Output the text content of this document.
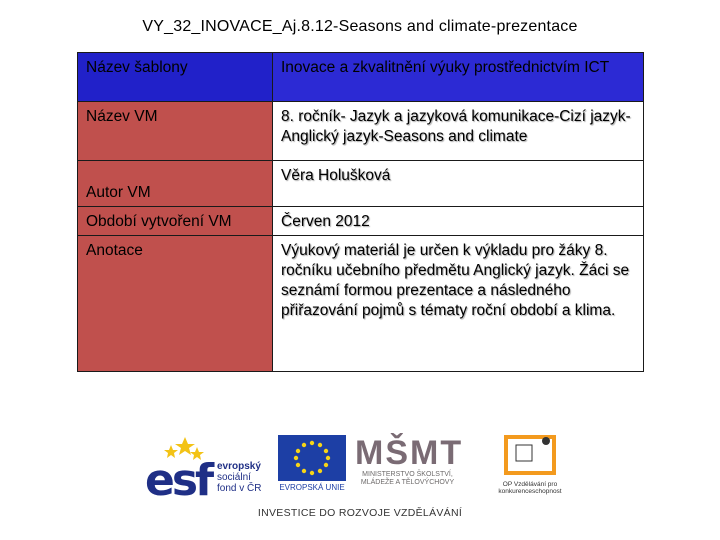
VY_32_INOVACE_Aj.8.12-Seasons and climate-prezentace
Název šablony	Inovace a zkvalitnění výuky prostřednictvím ICT
Název VM	8. ročník- Jazyk a jazyková komunikace-Cizí jazyk-Anglický jazyk-Seasons and climate
Autor VM	Věra Holušková
Období vytvoření VM	Červen 2012
Anotace	Výukový materiál je určen k výkladu pro žáky 8. ročníku učebního předmětu Anglický jazyk. Žáci se seznámí formou prezentace a následného přiřazování pojmů s tématy roční období a klima.
esf evropský
sociální
fond v ČR EVROPSKÁ UNIE
MŠMT
MINISTERSTVO ŠKOLSTVÍ,
MLÁDEŽE A TĚLOVÝCHOVY	OP Vzdělávání pro konkurenceschopnost
INVESTICE DO ROZVOJE VZDĚLÁVÁNÍ
